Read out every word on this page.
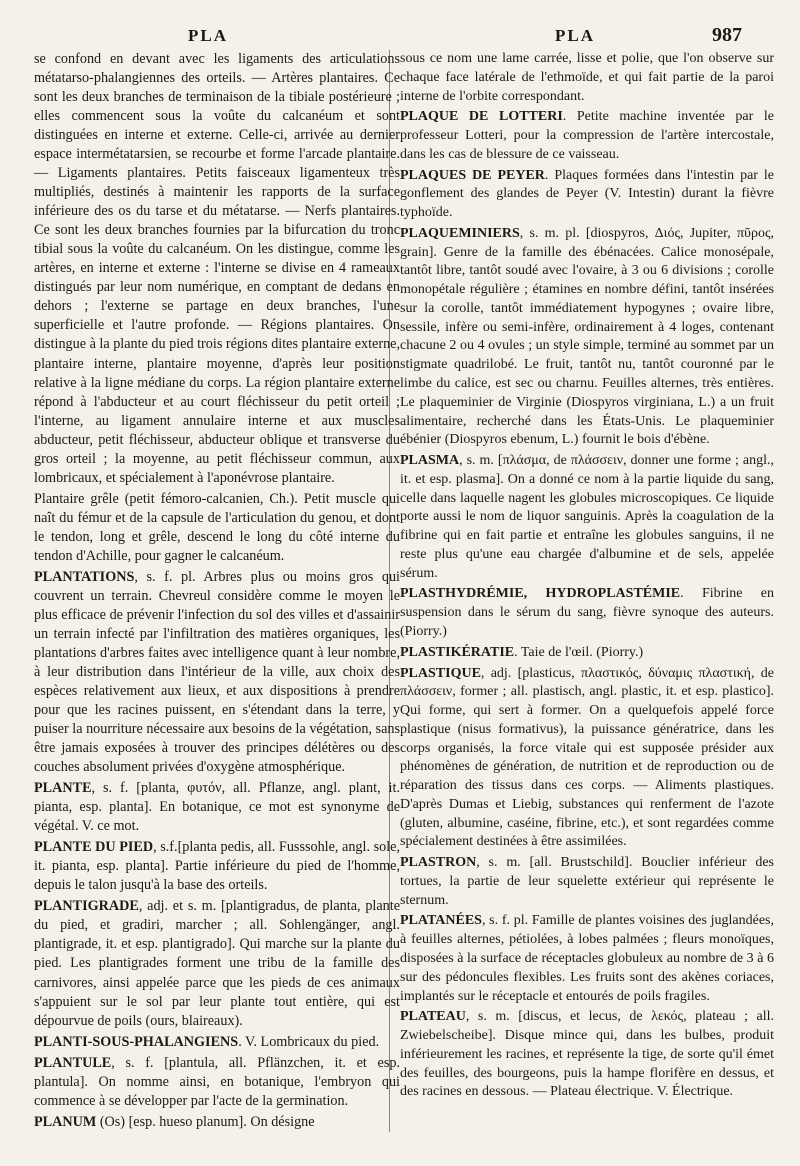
PLA	PLA	987

se confond en devant avec les ligaments des articulations métatarso-phalangiennes des orteils. — Artères plantaires. Ce sont les deux branches de terminaison de la tibiale postérieure ; elles commencent sous la voûte du calcanéum et sont distinguées en interne et externe. Celle-ci, arrivée au dernier espace intermétatarsien, se recourbe et forme l'arcade plantaire. — Ligaments plantaires. Petits faisceaux ligamenteux très multipliés, destinés à maintenir les rapports de la surface inférieure des os du tarse et du métatarse. — Nerfs plantaires. Ce sont les deux branches fournies par la bifurcation du tronc tibial sous la voûte du calcanéum. On les distingue, comme les artères, en interne et externe : l'interne se divise en 4 rameaux distingués par leur nom numérique, en comptant de dedans en dehors ; l'externe se partage en deux branches, l'une superficielle et l'autre profonde. — Régions plantaires. On distingue à la plante du pied trois régions dites plantaire externe, plantaire interne, plantaire moyenne, d'après leur position relative à la ligne médiane du corps. La région plantaire externe répond à l'abducteur et au court fléchisseur du petit orteil ; l'interne, au ligament annulaire interne et aux muscles abducteur, petit fléchisseur, abducteur oblique et transverse du gros orteil ; la moyenne, au petit fléchisseur commun, aux lombricaux, et spécialement à l'aponévrose plantaire.

Plantaire grêle (petit fémoro-calcanien, Ch.). Petit muscle qui naît du fémur et de la capsule de l'articulation du genou, et dont le tendon, long et grêle, descend le long du côté interne du tendon d'Achille, pour gagner le calcanéum.

PLANTATIONS, s. f. pl. Arbres plus ou moins gros qui couvrent un terrain. Chevreul considère comme le moyen le plus efficace de prévenir l'infection du sol des villes et d'assainir un terrain infecté par l'infiltration des matières organiques, les plantations d'arbres faites avec intelligence quant à leur nombre, à leur distribution dans l'intérieur de la ville, aux choix des espèces relativement aux lieux, et aux dispositions à prendre pour que les racines puissent, en s'étendant dans la terre, y puiser la nourriture nécessaire aux besoins de la végétation, sans être jamais exposées à trouver des principes délétères ou des couches absolument privées d'oxygène atmosphérique.

PLANTE, s. f. [planta, φυτόν, all. Pflanze, angl. plant, it. pianta, esp. planta]. En botanique, ce mot est synonyme de végétal. V. ce mot.

PLANTE DU PIED, s.f.[planta pedis, all. Fusssohle, angl. sole, it. pianta, esp. planta]. Partie inférieure du pied de l'homme, depuis le talon jusqu'à la base des orteils.

PLANTIGRADE, adj. et s. m. [plantigradus, de planta, plante du pied, et gradiri, marcher ; all. Sohlengänger, angl. plantigrade, it. et esp. plantigrado]. Qui marche sur la plante du pied. Les plantigrades forment une tribu de la famille des carnivores, ainsi appelée parce que les pieds de ces animaux s'appuient sur le sol par leur plante tout entière, qui est dépourvue de poils (ours, blaireaux).

PLANTI-SOUS-PHALANGIENS. V. Lombricaux du pied.

PLANTULE, s. f. [plantula, all. Pflänzchen, it. et esp. plantula]. On nomme ainsi, en botanique, l'embryon qui commence à se développer par l'acte de la germination.

PLANUM (Os) [esp. hueso planum]. On désigne

sous ce nom une lame carrée, lisse et polie, que l'on observe sur chaque face latérale de l'ethmoïde, et qui fait partie de la paroi interne de l'orbite correspondant.

PLAQUE DE LOTTERI. Petite machine inventée par le professeur Lotteri, pour la compression de l'artère intercostale, dans les cas de blessure de ce vaisseau.

PLAQUES DE PEYER. Plaques formées dans l'intestin par le gonflement des glandes de Peyer (V. Intestin) durant la fièvre typhoïde.

PLAQUEMINIERS, s. m. pl. [diospyros, Διός, Jupiter, πῦρος, grain]. Genre de la famille des ébénacées. Calice monosépale, tantôt libre, tantôt soudé avec l'ovaire, à 3 ou 6 divisions ; corolle monopétale régulière ; étamines en nombre défini, tantôt insérées sur la corolle, tantôt immédiatement hypogynes ; ovaire libre, sessile, infère ou semi-infère, ordinairement à 4 loges, contenant chacune 2 ou 4 ovules ; un style simple, terminé au sommet par un stigmate quadrilobé. Le fruit, tantôt nu, tantôt couronné par le limbe du calice, est sec ou charnu. Feuilles alternes, très entières. Le plaqueminier de Virginie (Diospyros virginiana, L.) a un fruit alimentaire, recherché dans les États-Unis. Le plaqueminier ébénier (Diospyros ebenum, L.) fournit le bois d'ébène.

PLASMA, s. m. [πλάσμα, de πλάσσειν, donner une forme ; angl., it. et esp. plasma]. On a donné ce nom à la partie liquide du sang, celle dans laquelle nagent les globules microscopiques. Ce liquide porte aussi le nom de liquor sanguinis. Après la coagulation de la fibrine qui en fait partie et entraîne les globules sanguins, il ne reste plus qu'une eau chargée d'albumine et de sels, appelée sérum.

PLASTHYDRÉMIE, HYDROPLASTÉMIE. Fibrine en suspension dans le sérum du sang, fièvre synoque des auteurs. (Piorry.)

PLASTIKÉRATIE. Taie de l'œil. (Piorry.)

PLASTIQUE, adj. [plasticus, πλαστικός, δύναμις πλαστική, de πλάσσειν, former ; all. plastisch, angl. plastic, it. et esp. plastico]. Qui forme, qui sert à former. On a quelquefois appelé force plastique (nisus formativus), la puissance génératrice, dans les corps organisés, la force vitale qui est supposée présider aux phénomènes de génération, de nutrition et de reproduction ou de réparation des tissus dans ces corps. — Aliments plastiques. D'après Dumas et Liebig, substances qui renferment de l'azote (gluten, albumine, caséine, fibrine, etc.), et sont regardées comme spécialement destinées à être assimilées.

PLASTRON, s. m. [all. Brustschild]. Bouclier inférieur des tortues, la partie de leur squelette extérieur qui représente le sternum.

PLATANÉES, s. f. pl. Famille de plantes voisines des juglandées, à feuilles alternes, pétiolées, à lobes palmées ; fleurs monoïques, disposées à la surface de réceptacles globuleux au nombre de 3 à 6 sur des pédoncules flexibles. Les fruits sont des akènes coriaces, implantés sur le réceptacle et entourés de poils fragiles.

PLATEAU, s. m. [discus, et lecus, de λεκός, plateau ; all. Zwiebelscheibe]. Disque mince qui, dans les bulbes, produit inférieurement les racines, et représente la tige, de sorte qu'il émet des feuilles, des bourgeons, puis la hampe florifère en dessus, et des racines en dessous. — Plateau électrique. V. Électrique.
